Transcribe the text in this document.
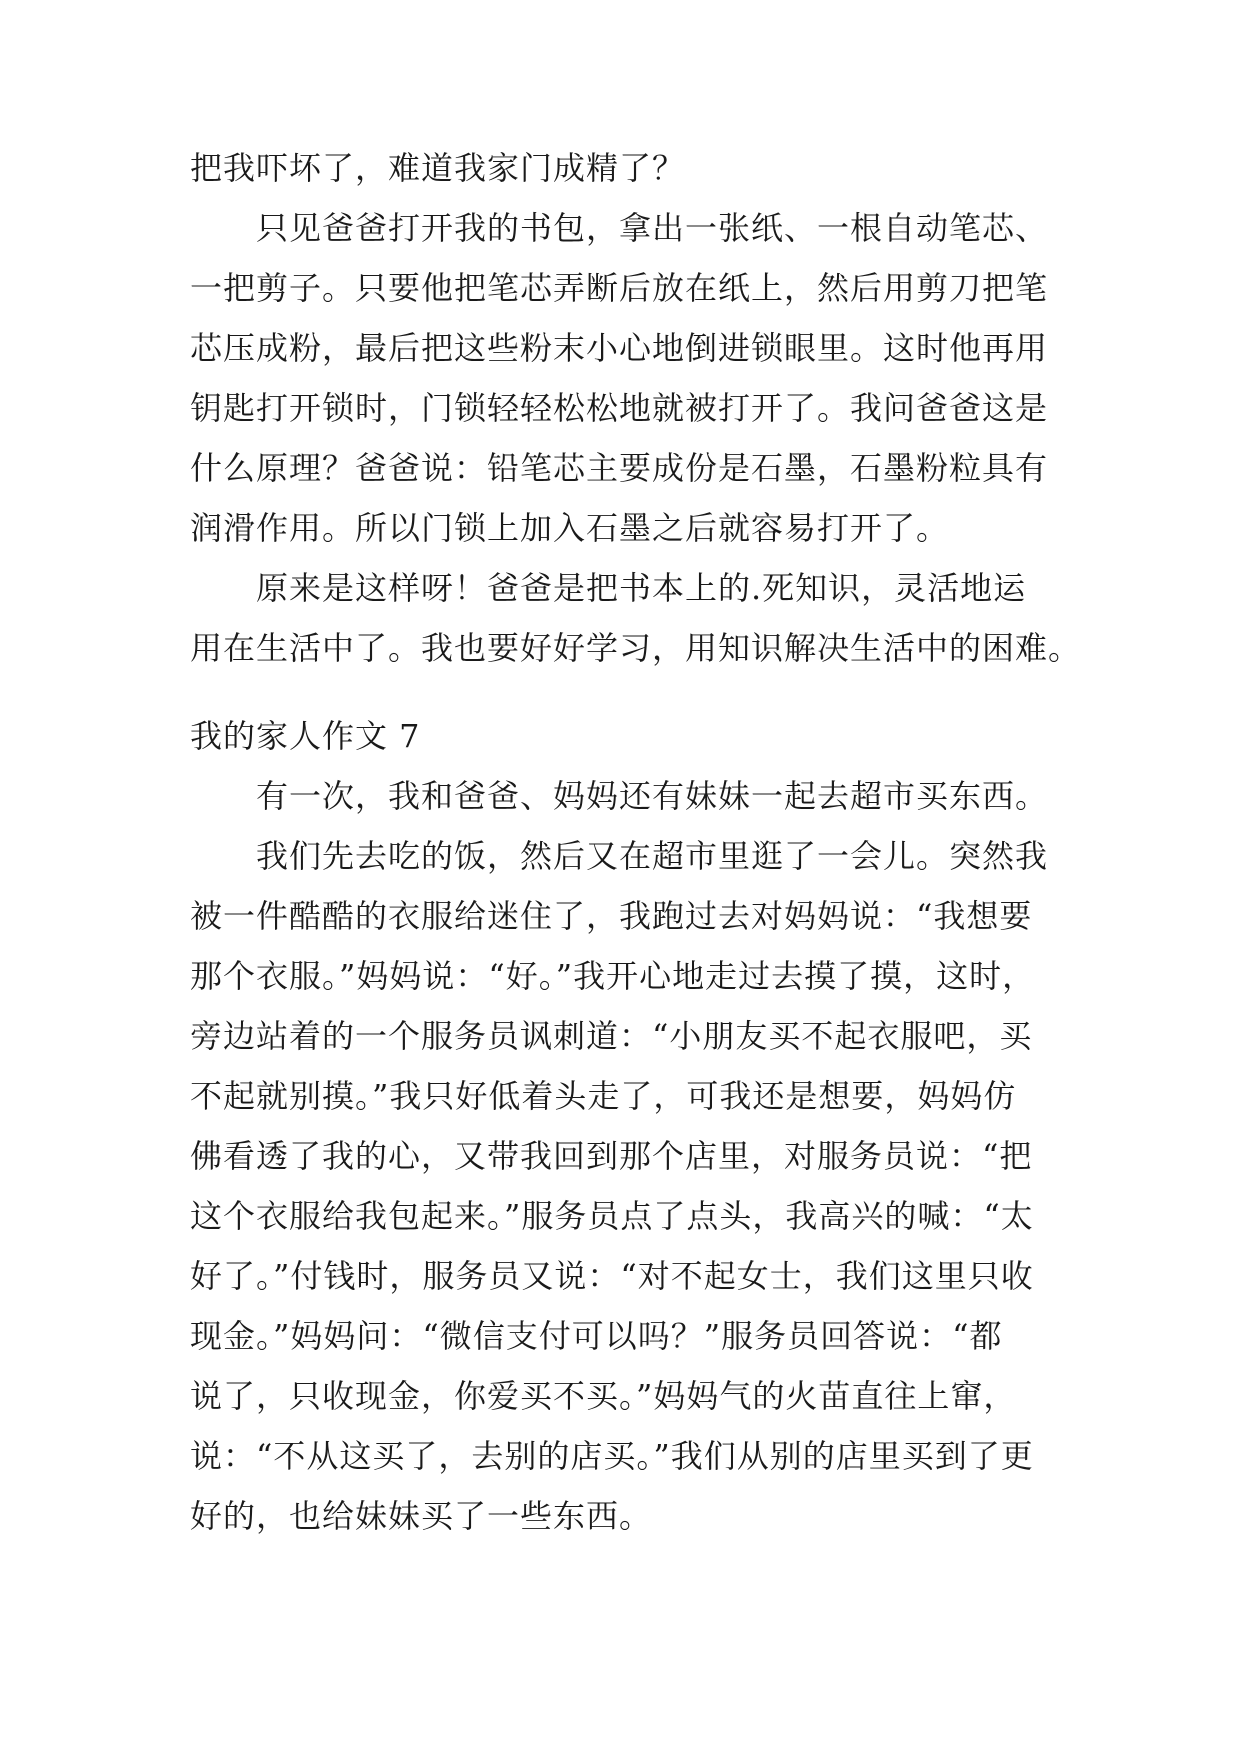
把我吓坏了，难道我家门成精了？
只见爸爸打开我的书包，拿出一张纸、一根自动笔芯、
一把剪子。只要他把笔芯弄断后放在纸上，然后用剪刀把笔
芯压成粉，最后把这些粉末小心地倒进锁眼里。这时他再用
钥匙打开锁时，门锁轻轻松松地就被打开了。我问爸爸这是
什么原理？爸爸说：铅笔芯主要成份是石墨，石墨粉粒具有
润滑作用。所以门锁上加入石墨之后就容易打开了。
原来是这样呀！爸爸是把书本上的.死知识，灵活地运
用在生活中了。我也要好好学习，用知识解决生活中的困难。
我的家人作文 7
有一次，我和爸爸、妈妈还有妹妹一起去超市买东西。
我们先去吃的饭，然后又在超市里逛了一会儿。突然我
被一件酷酷的衣服给迷住了，我跑过去对妈妈说：“我想要
那个衣服。”妈妈说：“好。”我开心地走过去摸了摸，这时，
旁边站着的一个服务员讽刺道：“小朋友买不起衣服吧，买
不起就别摸。”我只好低着头走了，可我还是想要，妈妈仿
佛看透了我的心，又带我回到那个店里，对服务员说：“把
这个衣服给我包起来。”服务员点了点头，我高兴的喊：“太
好了。”付钱时，服务员又说：“对不起女士，我们这里只收
现金。”妈妈问：“微信支付可以吗？”服务员回答说：“都
说了，只收现金，你爱买不买。”妈妈气的火苗直往上窜，
说：“不从这买了，去别的店买。”我们从别的店里买到了更
好的，也给妹妹买了一些东西。
